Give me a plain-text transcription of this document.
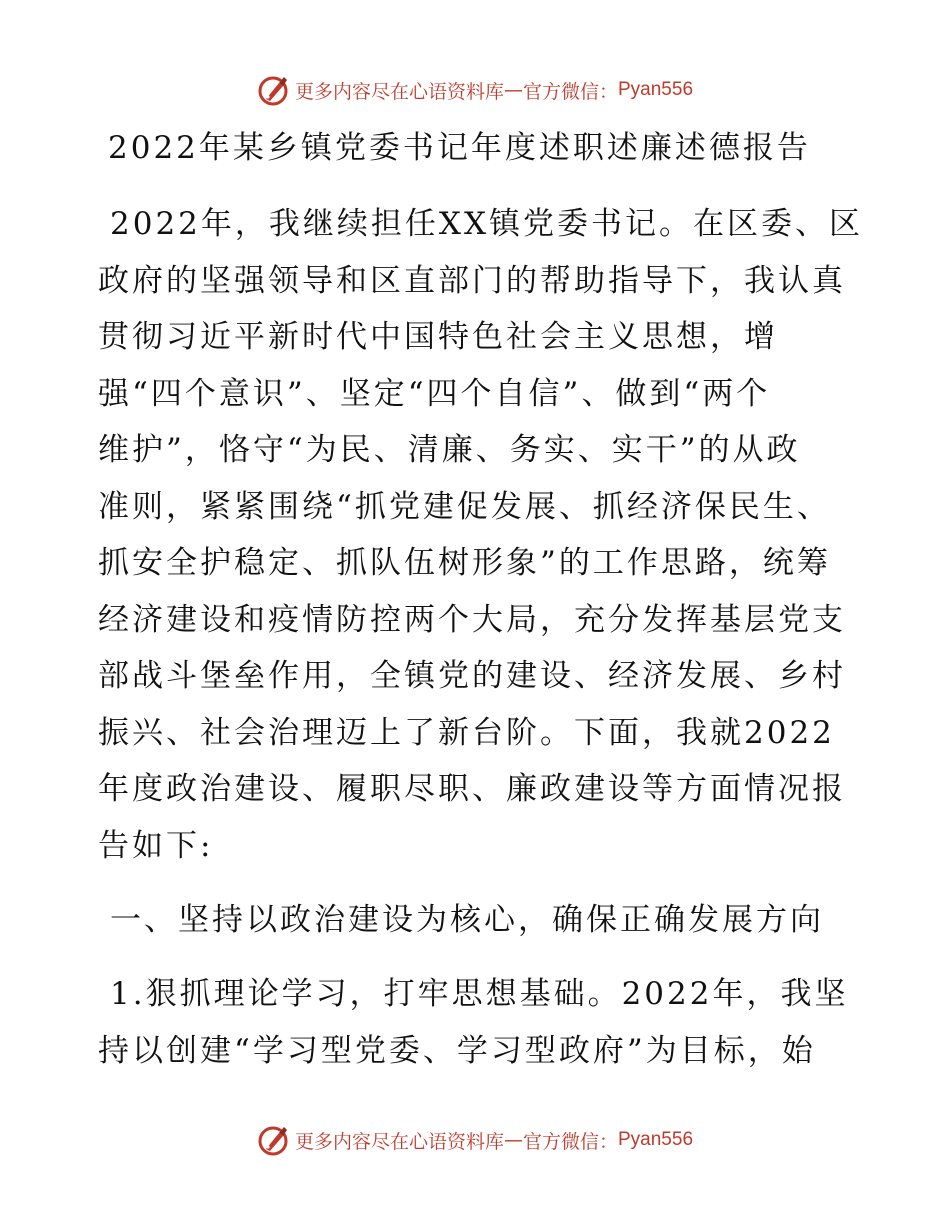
更多内容尽在心语资料库 — 官方微信： Pyan556
2022年某乡镇党委书记年度述职述廉述德报告

2022年，我继续担任XX镇党委书记。在区委、区
政府的坚强领导和区直部门的帮助指导下，我认真
贯彻习近平新时代中国特色社会主义思想，增
强“四个意识”、坚定“四个自信”、做到“两个
维护”，恪守“为民、清廉、务实、实干”的从政
准则，紧紧围绕“抓党建促发展、抓经济保民生、
抓安全护稳定、抓队伍树形象”的工作思路，统筹
经济建设和疫情防控两个大局，充分发挥基层党支
部战斗堡垒作用，全镇党的建设、经济发展、乡村
振兴、社会治理迈上了新台阶。下面，我就2022
年度政治建设、履职尽职、廉政建设等方面情况报
告如下:

一、坚持以政治建设为核心，确保正确发展方向

1.狠抓理论学习，打牢思想基础。2022年，我坚
持以创建“学习型党委、学习型政府”为目标，始

更多内容尽在心语资料库 — 官方微信： Pyan556
